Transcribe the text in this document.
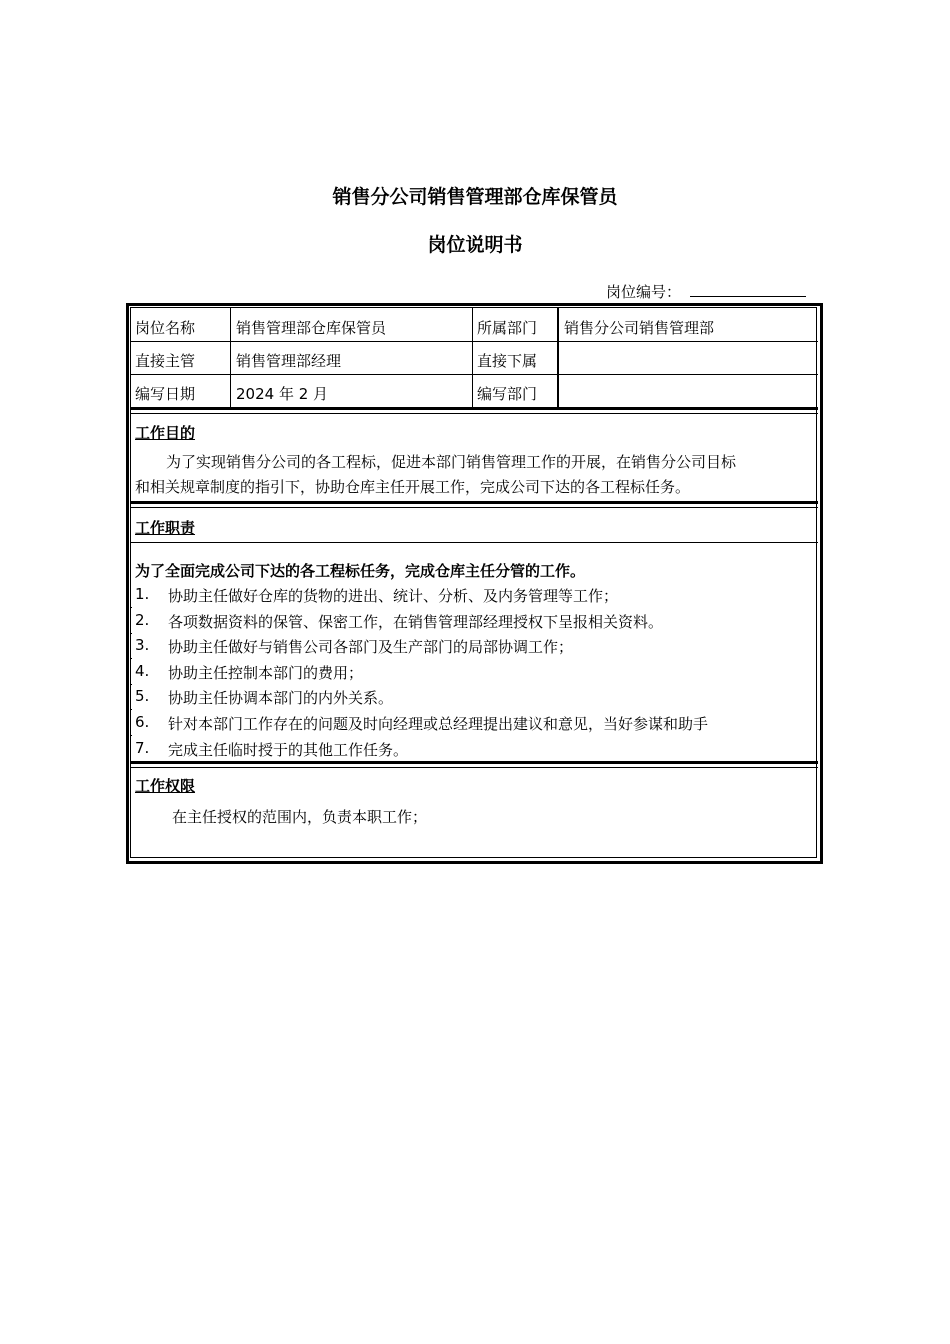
销售分公司销售管理部仓库保管员
岗位说明书
岗位编号：
岗位名称	销售管理部仓库保管员	所属部门 销售分公司销售管理部
直接主管	销售管理部经理	直接下属
编写日期	2024 年 2 月	编写部门
工作目的
为了实现销售分公司的各工程标，促进本部门销售管理工作的开展，在销售分公司目标
和相关规章制度的指引下，协助仓库主任开展工作，完成公司下达的各工程标任务。
工作职责
为了全面完成公司下达的各工程标任务，完成仓库主任分管的工作。
1. 协助主任做好仓库的货物的进出、统计、分析、及内务管理等工作；
2. 各项数据资料的保管、保密工作，在销售管理部经理授权下呈报相关资料。
3. 协助主任做好与销售公司各部门及生产部门的局部协调工作；
4. 协助主任控制本部门的费用；
5. 协助主任协调本部门的内外关系。
6. 针对本部门工作存在的问题及时向经理或总经理提出建议和意见，当好参谋和助手
7. 完成主任临时授于的其他工作任务。
工作权限
在主任授权的范围内，负责本职工作；
